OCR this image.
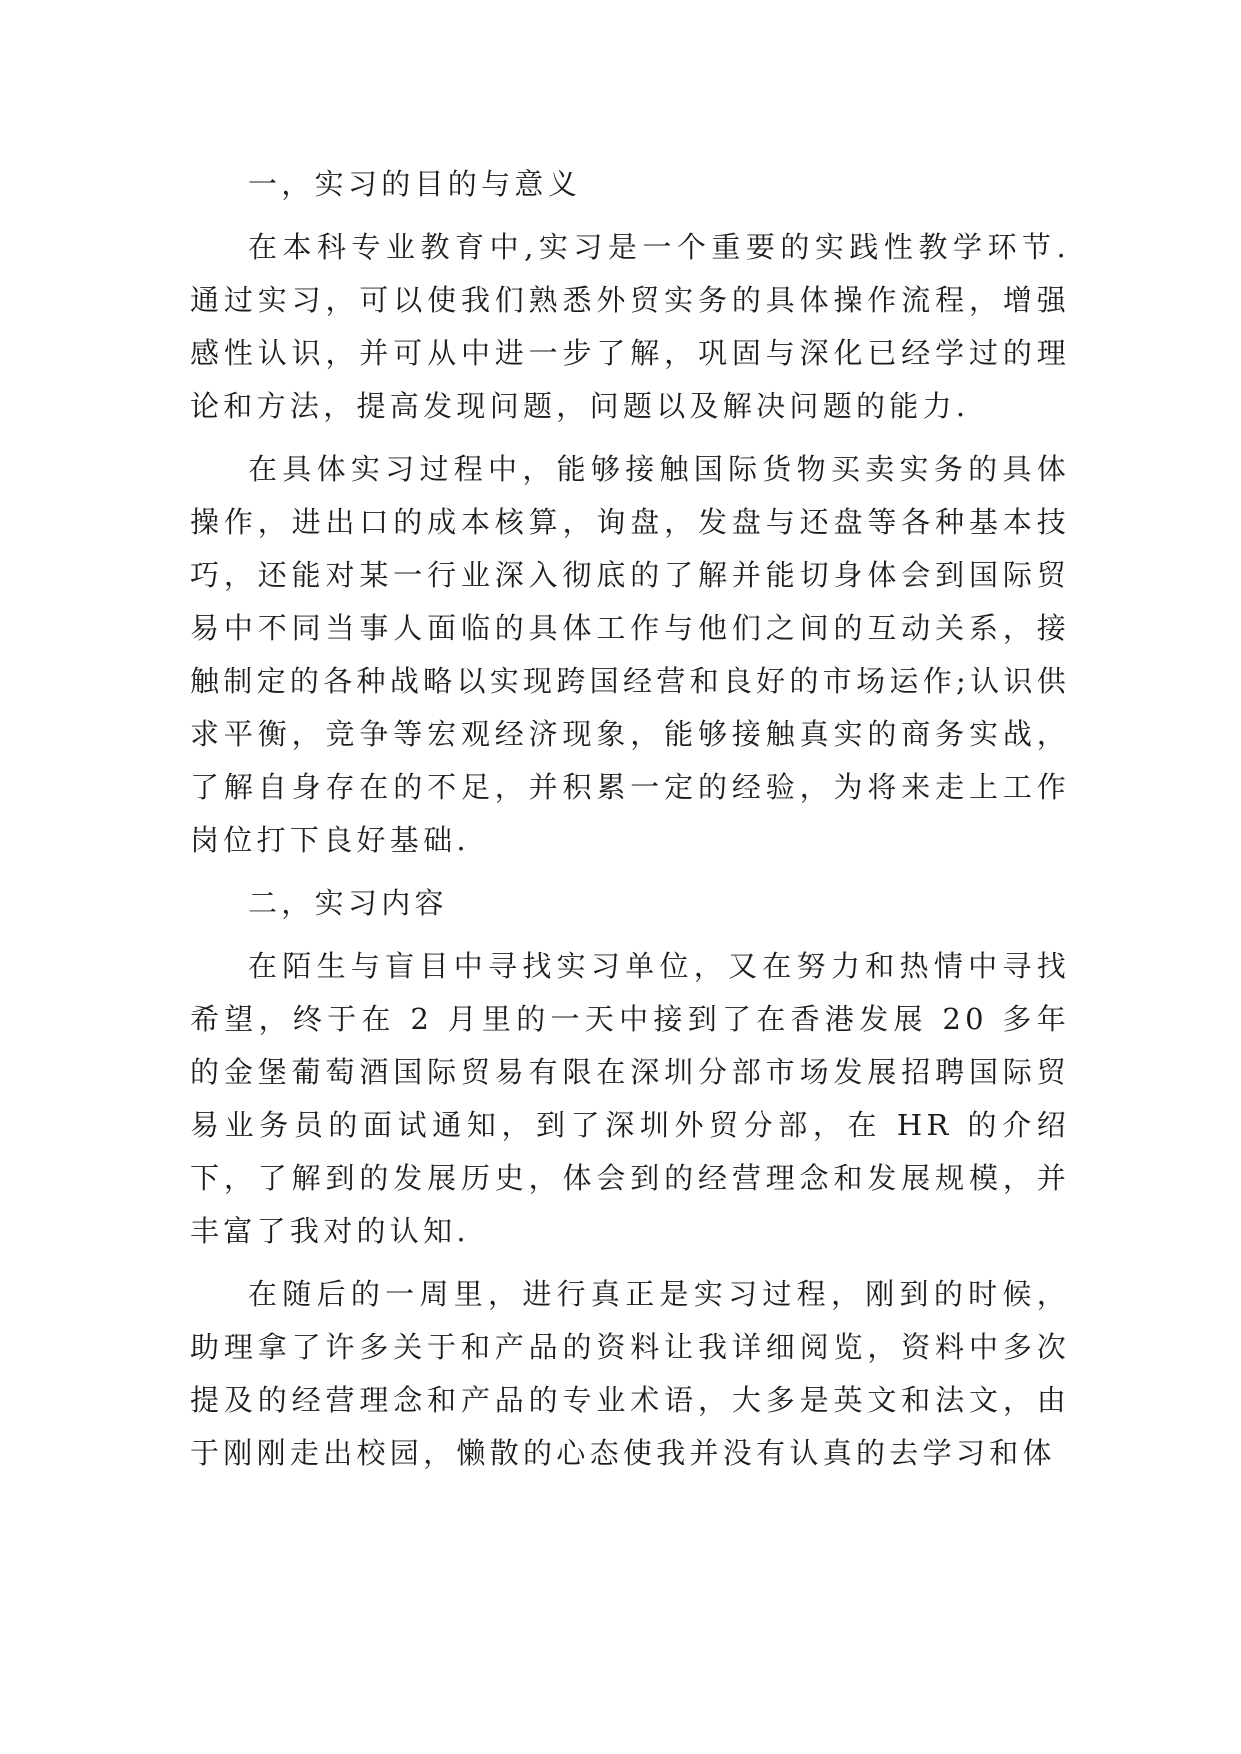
一，实习的目的与意义

在本科专业教育中,实习是一个重要的实践性教学环节.通过实习，可以使我们熟悉外贸实务的具体操作流程，增强感性认识，并可从中进一步了解，巩固与深化已经学过的理论和方法，提高发现问题，问题以及解决问题的能力.

在具体实习过程中，能够接触国际货物买卖实务的具体操作，进出口的成本核算，询盘，发盘与还盘等各种基本技巧，还能对某一行业深入彻底的了解并能切身体会到国际贸易中不同当事人面临的具体工作与他们之间的互动关系，接触制定的各种战略以实现跨国经营和良好的市场运作;认识供求平衡，竞争等宏观经济现象，能够接触真实的商务实战，了解自身存在的不足，并积累一定的经验，为将来走上工作岗位打下良好基础.

二，实习内容

在陌生与盲目中寻找实习单位，又在努力和热情中寻找希望，终于在 2 月里的一天中接到了在香港发展 20 多年的金堡葡萄酒国际贸易有限在深圳分部市场发展招聘国际贸易业务员的面试通知，到了深圳外贸分部，在 HR 的介绍下，了解到的发展历史，体会到的经营理念和发展规模，并丰富了我对的认知.

在随后的一周里，进行真正是实习过程，刚到的时候，助理拿了许多关于和产品的资料让我详细阅览，资料中多次提及的经营理念和产品的专业术语，大多是英文和法文，由于刚刚走出校园，懒散的心态使我并没有认真的去学习和体
